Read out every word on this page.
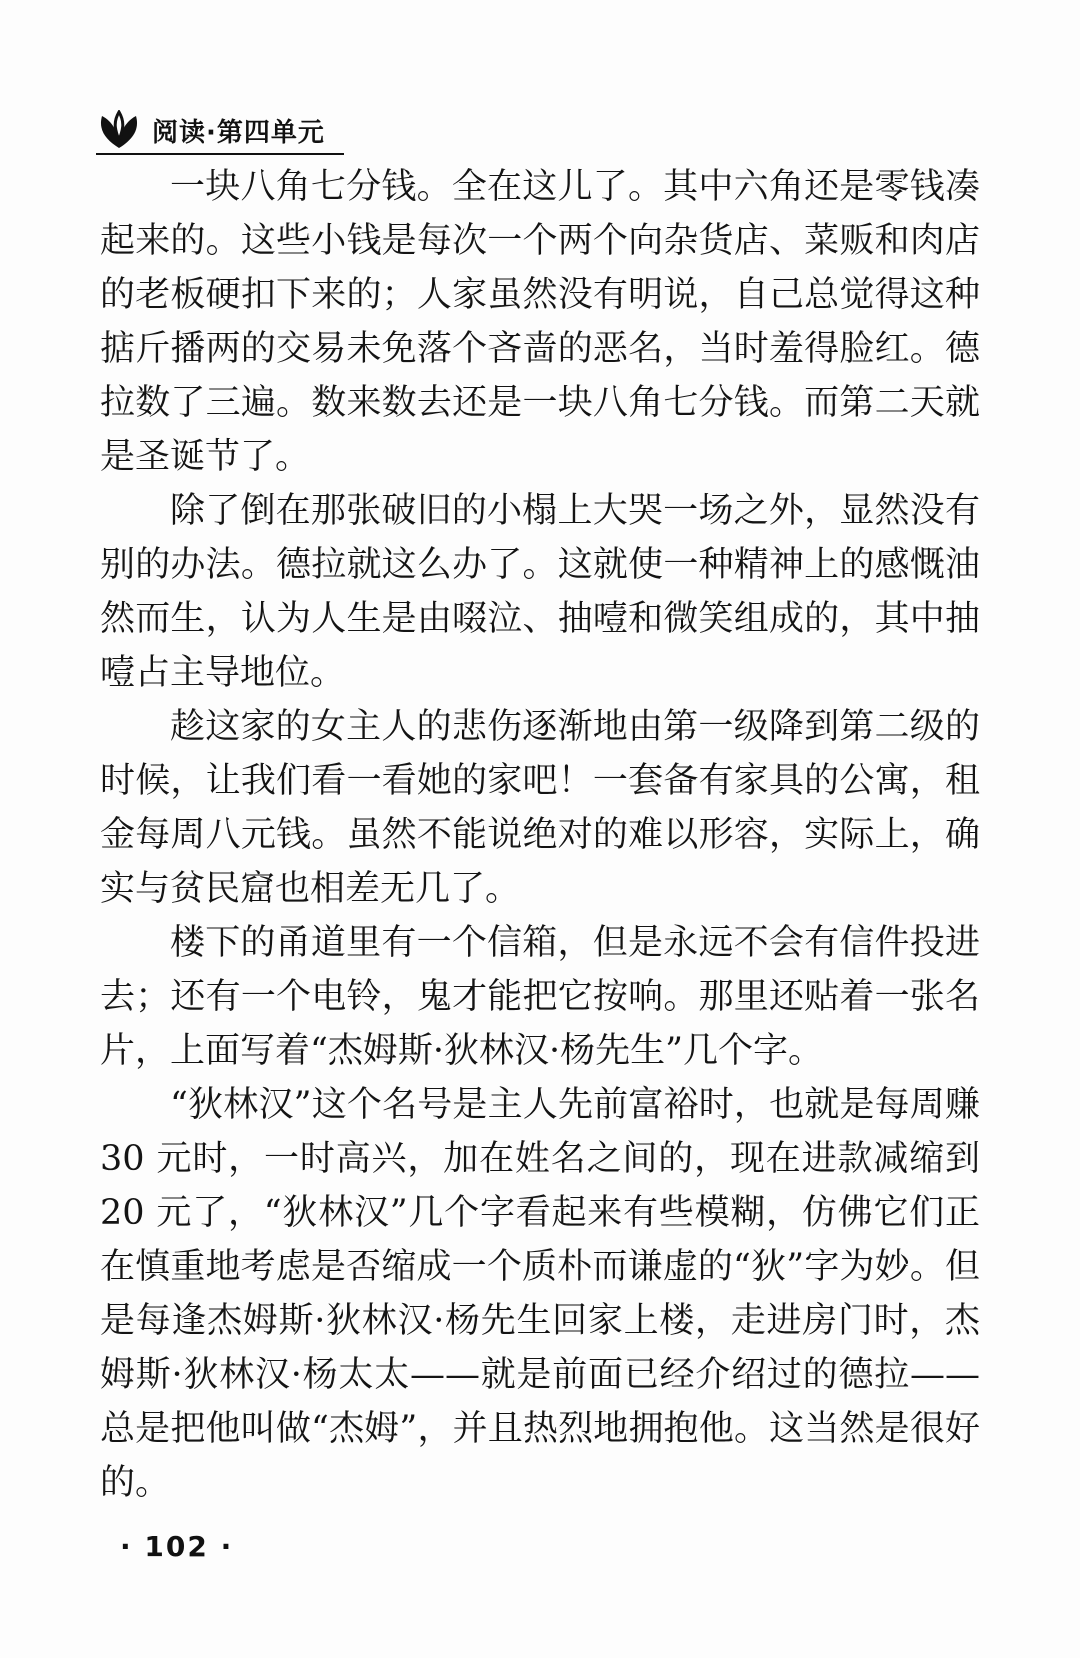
阅读·第四单元

一块八角七分钱。全在这儿了。其中六角还是零钱凑起来的。这些小钱是每次一个两个向杂货店、菜贩和肉店的老板硬扣下来的；人家虽然没有明说，自己总觉得这种掂斤播两的交易未免落个吝啬的恶名，当时羞得脸红。德拉数了三遍。数来数去还是一块八角七分钱。而第二天就是圣诞节了。

除了倒在那张破旧的小榻上大哭一场之外，显然没有别的办法。德拉就这么办了。这就使一种精神上的感慨油然而生，认为人生是由啜泣、抽噎和微笑组成的，其中抽噎占主导地位。

趁这家的女主人的悲伤逐渐地由第一级降到第二级的时候，让我们看一看她的家吧！一套备有家具的公寓，租金每周八元钱。虽然不能说绝对的难以形容，实际上，确实与贫民窟也相差无几了。

楼下的甬道里有一个信箱，但是永远不会有信件投进去；还有一个电铃，鬼才能把它按响。那里还贴着一张名片，上面写着“杰姆斯·狄林汉·杨先生”几个字。

“狄林汉”这个名号是主人先前富裕时，也就是每周赚 30 元时，一时高兴，加在姓名之间的，现在进款减缩到 20 元了，“狄林汉”几个字看起来有些模糊，仿佛它们正在慎重地考虑是否缩成一个质朴而谦虚的“狄”字为妙。但是每逢杰姆斯·狄林汉·杨先生回家上楼，走进房门时，杰姆斯·狄林汉·杨太太——就是前面已经介绍过的德拉——总是把他叫做“杰姆”，并且热烈地拥抱他。这当然是很好的。

· 102 ·
